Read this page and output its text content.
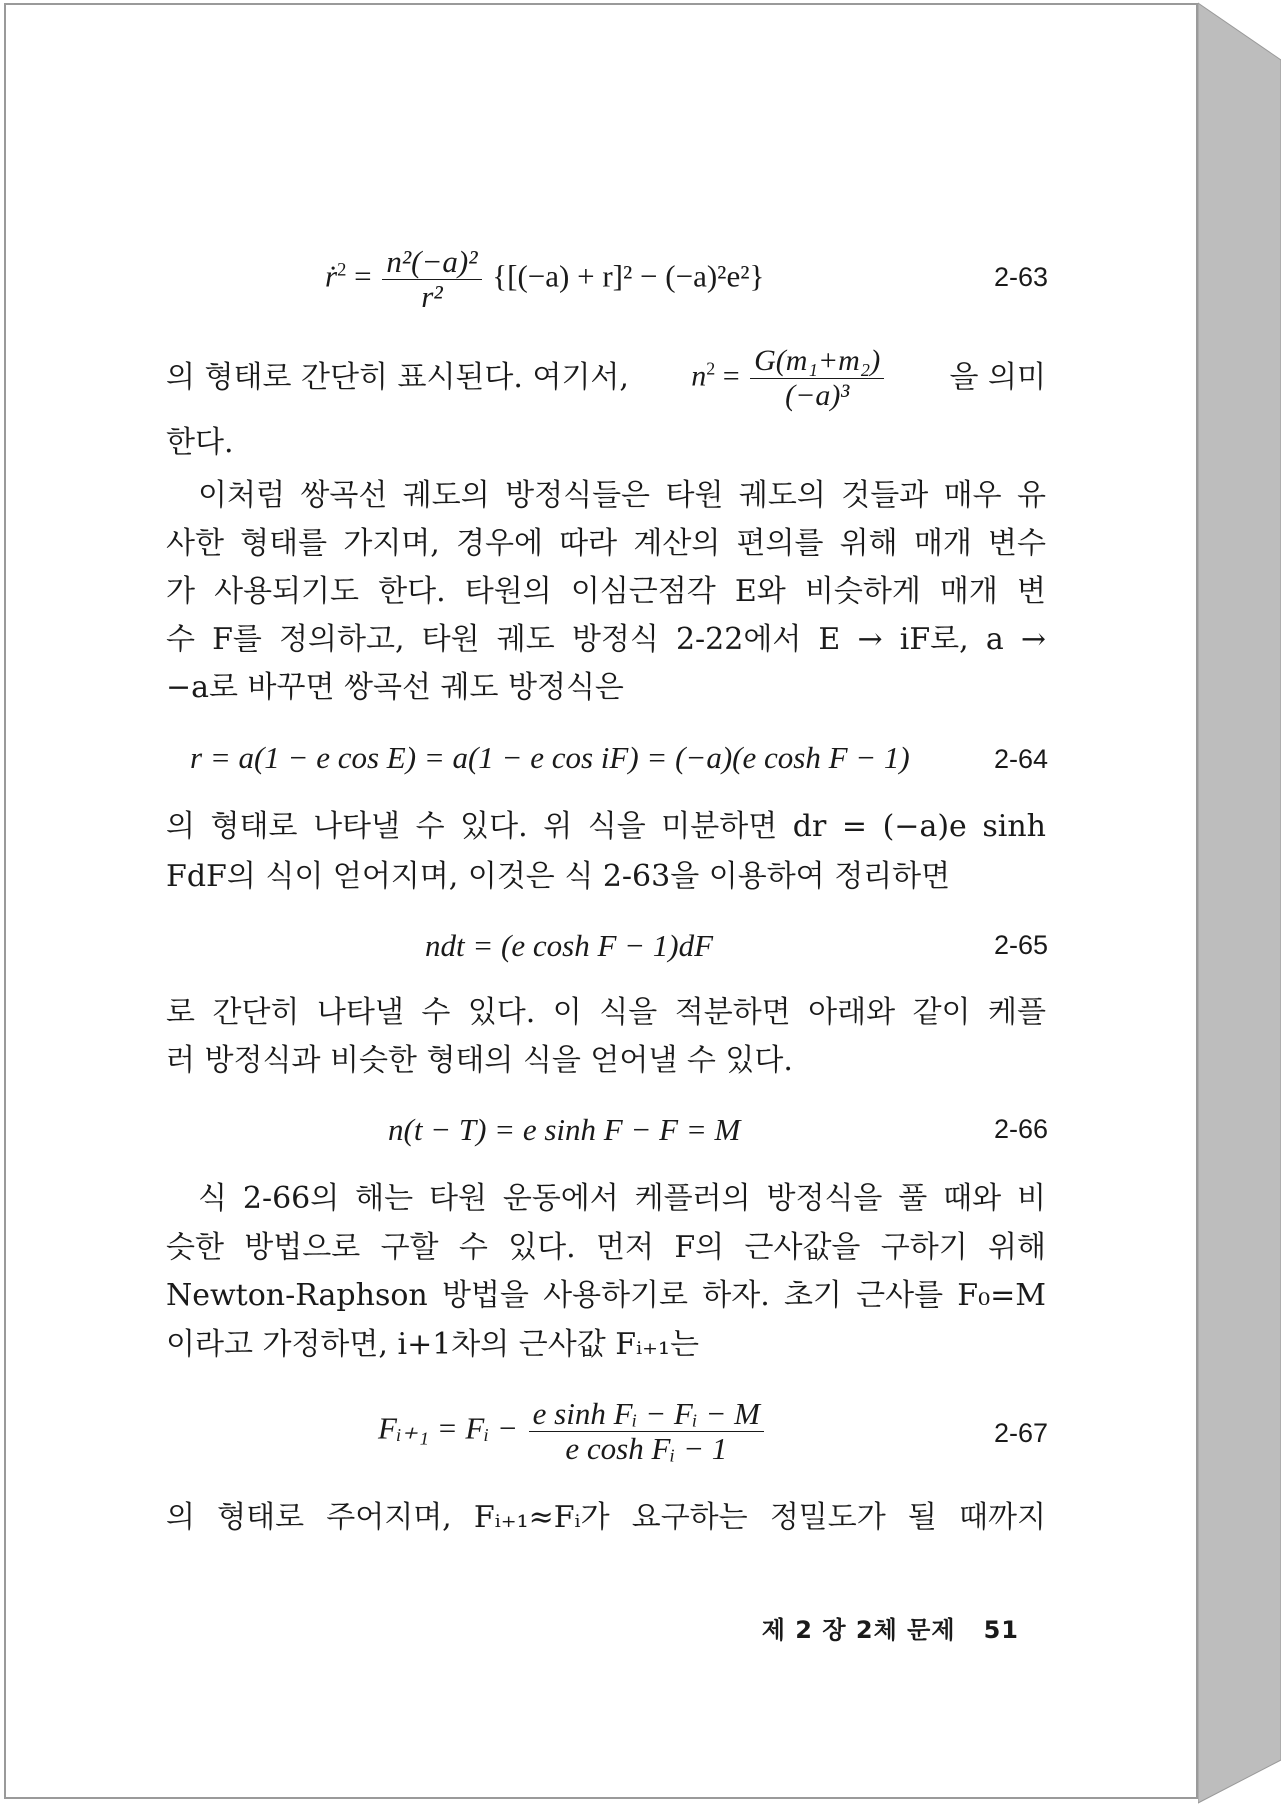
ṙ$^2$ = $\frac{\text{n²(−a)²}}{\text{r²}} \{[(-a) + r]^2 - (-a)^2e^2\}$	2-63
의 형태로 간단히 표시된다. 여기서, $n^2 = \frac{\text{G(m₁+m₂)}}{\text{(−a)³}}$ 을 의미
한다.
이처럼 쌍곡선 궤도의 방정식들은 타원 궤도의 것들과 매우 유
사한 형태를 가지며, 경우에 따라 계산의 편의를 위해 매개 변수
가 사용되기도 한다. 타원의 이심근점각 E와 비슷하게 매개 변
수 F를 정의하고, 타원 궤도 방정식 2-22에서 E → iF로, a →
−a로 바꾸면 쌍곡선 궤도 방정식은
r = a(1 − e cos E) = a(1 − e cos iF) = (−a)(e cosh F − 1)	2-64
의 형태로 나타낼 수 있다. 위 식을 미분하면 dr = (−a)e sinh
FdF의 식이 얻어지며, 이것은 식 2-63을 이용하여 정리하면
ndt = (e cosh F − 1)dF	2-65
로 간단히 나타낼 수 있다. 이 식을 적분하면 아래와 같이 케플
러 방정식과 비슷한 형태의 식을 얻어낼 수 있다.
n(t − T) = e sinh F − F = M	2-66
식 2-66의 해는 타원 운동에서 케플러의 방정식을 풀 때와 비
슷한 방법으로 구할 수 있다. 먼저 F의 근사값을 구하기 위해
Newton-Raphson 방법을 사용하기로 하자. 초기 근사를 F₀=M
이라고 가정하면, i+1차의 근사값 Fᵢ₊₁는
Fᵢ₊₁ = Fᵢ − $\frac{\text{e sinh Fᵢ − Fᵢ − M}}{\text{e cosh Fᵢ − 1}}$	2-67
의 형태로 주어지며, Fᵢ₊₁≈Fᵢ가 요구하는 정밀도가 될 때까지
제 2 장 2체 문제 51
